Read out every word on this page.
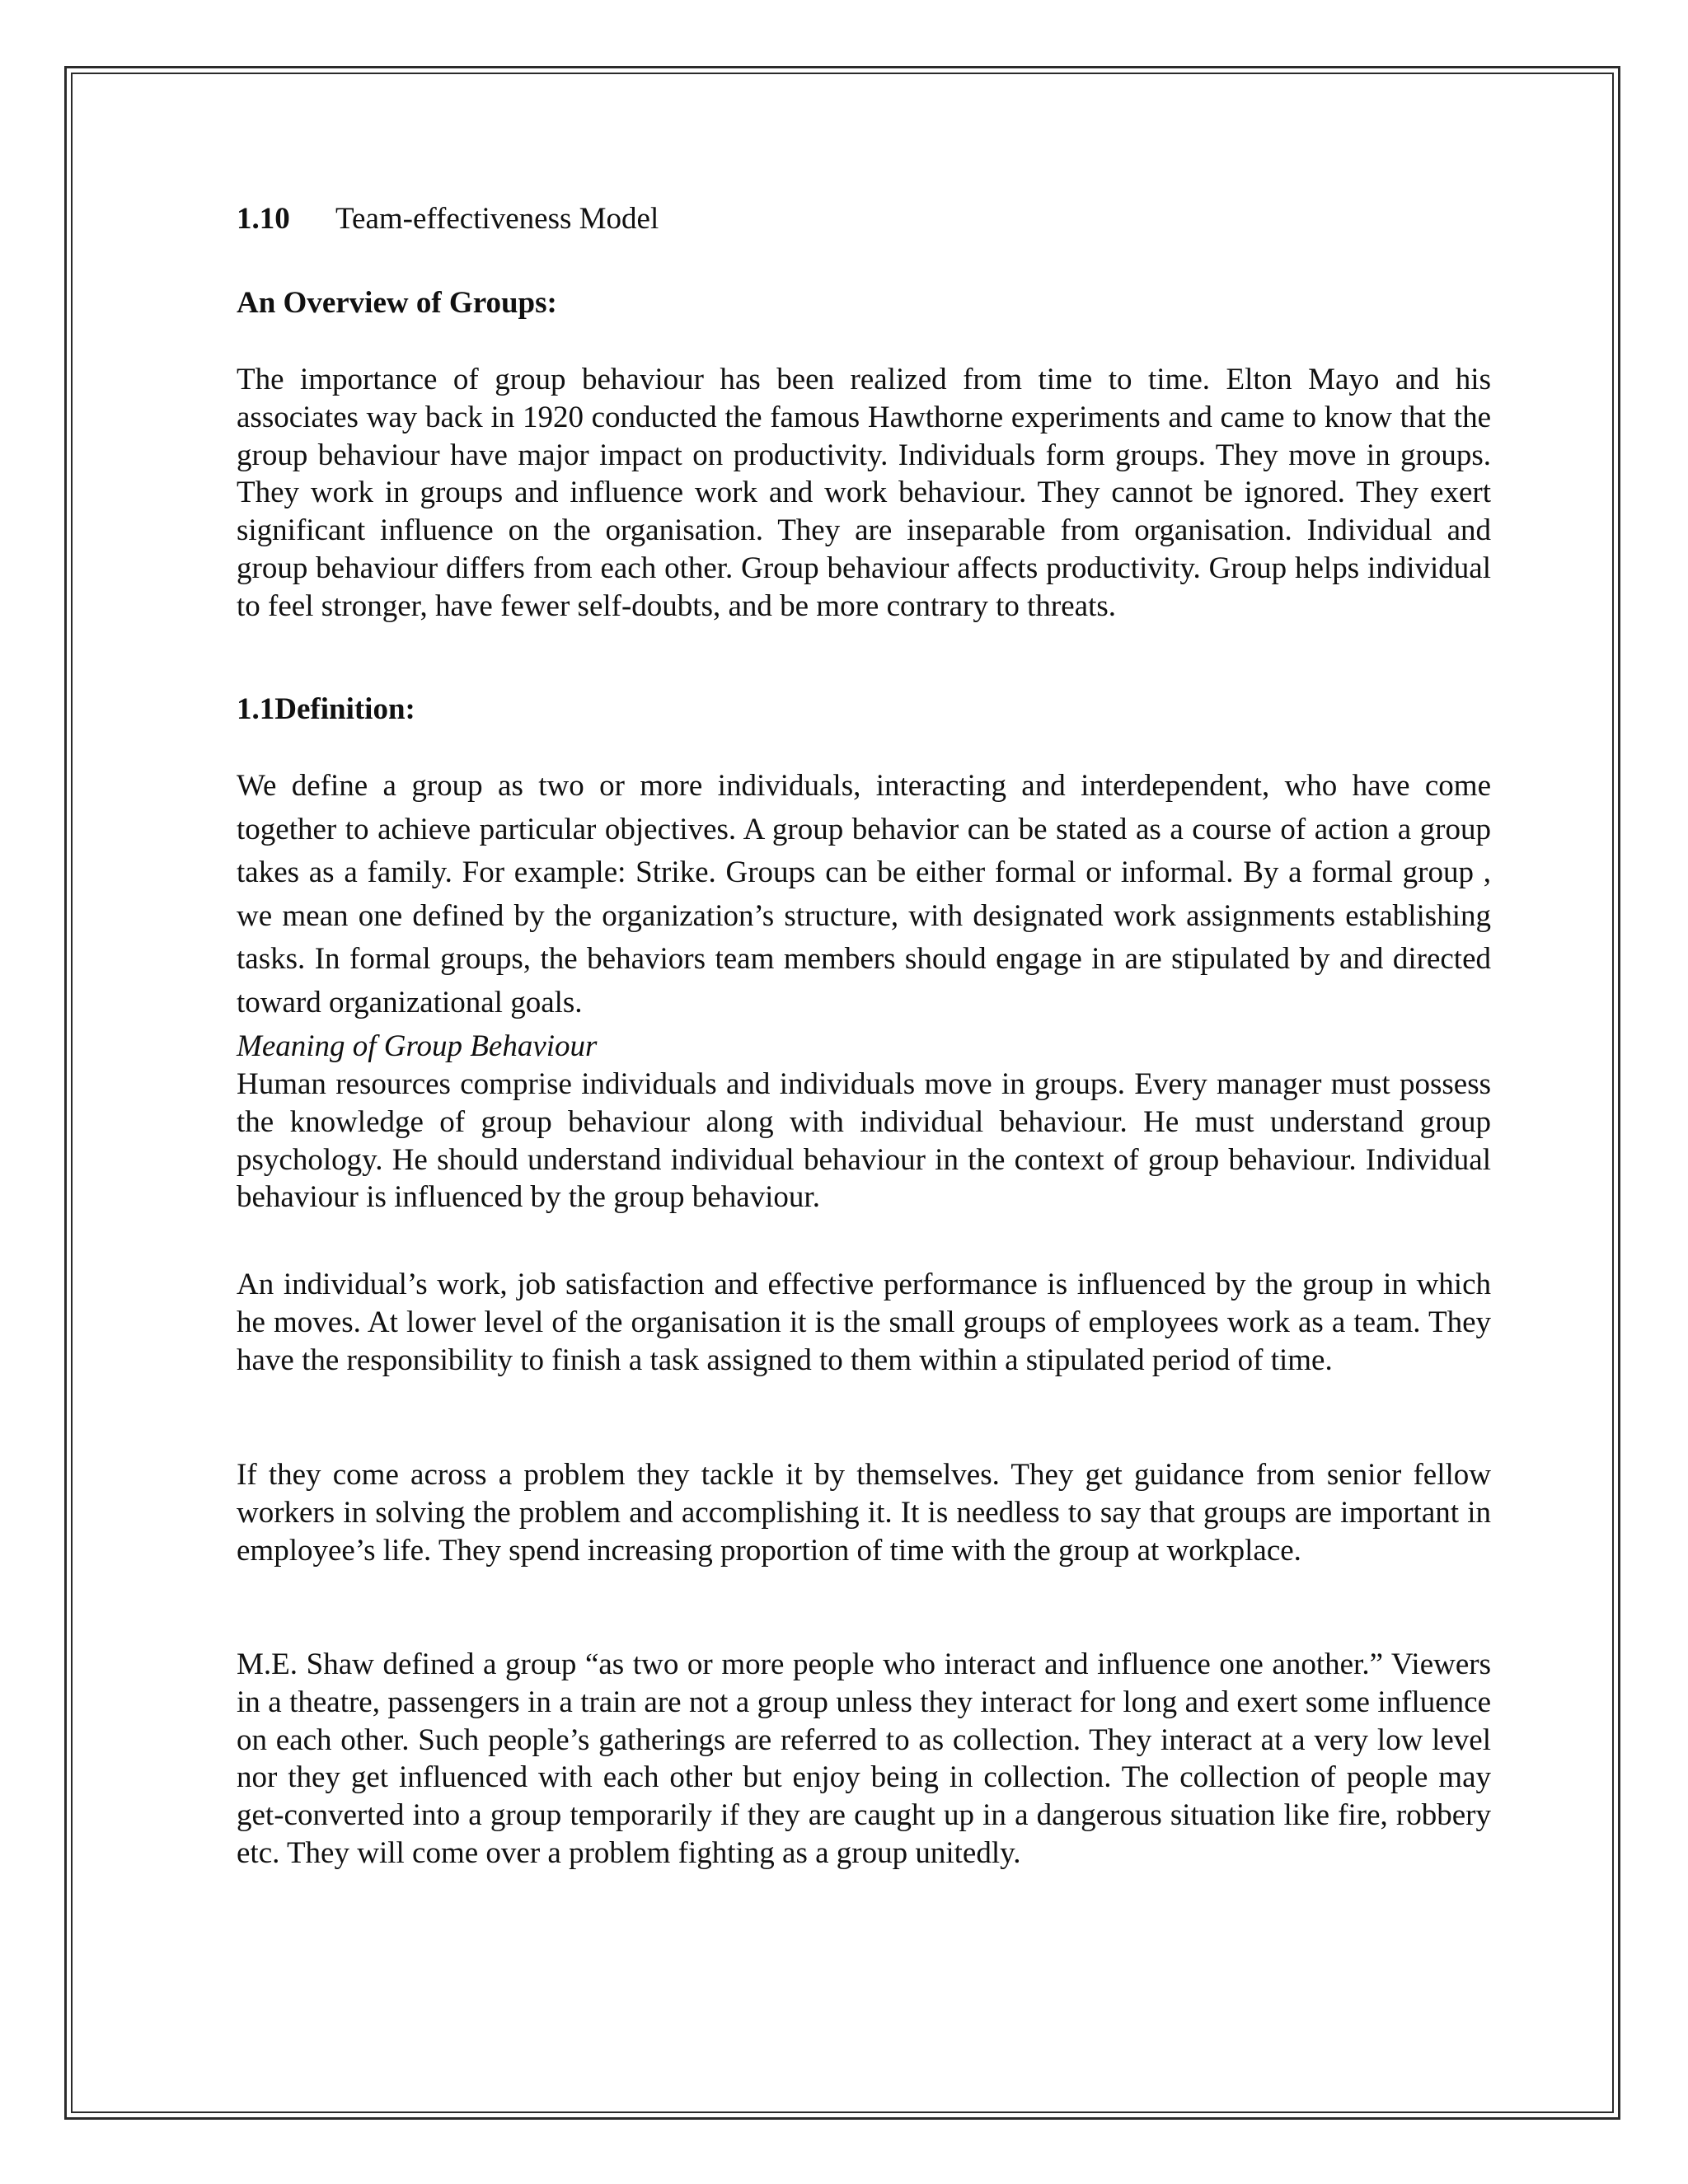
1.10 Team-effectiveness Model
An Overview of Groups:

The importance of group behaviour has been realized from time to time. Elton Mayo and his associates way back in 1920 conducted the famous Hawthorne experiments and came to know that the group behaviour have major impact on productivity. Individuals form groups. They move in groups. They work in groups and influence work and work behaviour. They cannot be ignored. They exert significant influence on the organisation. They are inseparable from organisation. Individual and group behaviour differs from each other. Group behaviour affects productivity. Group helps individual to feel stronger, have fewer self-doubts, and be more contrary to threats.

1.1Definition:

We define a group as two or more individuals, interacting and interdependent, who have come together to achieve particular objectives. A group behavior can be stated as a course of action a group takes as a family. For example: Strike. Groups can be either formal or informal. By a formal group , we mean one defined by the organization’s structure, with designated work assignments establishing tasks. In formal groups, the behaviors team members should engage in are stipulated by and directed toward organizational goals.

Meaning of Group Behaviour

Human resources comprise individuals and individuals move in groups. Every manager must possess the knowledge of group behaviour along with individual behaviour. He must understand group psychology. He should understand individual behaviour in the context of group behaviour. Individual behaviour is influenced by the group behaviour.

An individual’s work, job satisfaction and effective performance is influenced by the group in which he moves. At lower level of the organisation it is the small groups of employees work as a team. They have the responsibility to finish a task assigned to them within a stipulated period of time.

If they come across a problem they tackle it by themselves. They get guidance from senior fellow workers in solving the problem and accomplishing it. It is needless to say that groups are important in employee’s life. They spend increasing proportion of time with the group at workplace.

M.E. Shaw defined a group “as two or more people who interact and influence one another.” Viewers in a theatre, passengers in a train are not a group unless they interact for long and exert some influence on each other. Such people’s gatherings are referred to as collection. They interact at a very low level nor they get influenced with each other but enjoy being in collection. The collection of people may get-converted into a group temporarily if they are caught up in a dangerous situation like fire, robbery etc. They will come over a problem fighting as a group unitedly.
